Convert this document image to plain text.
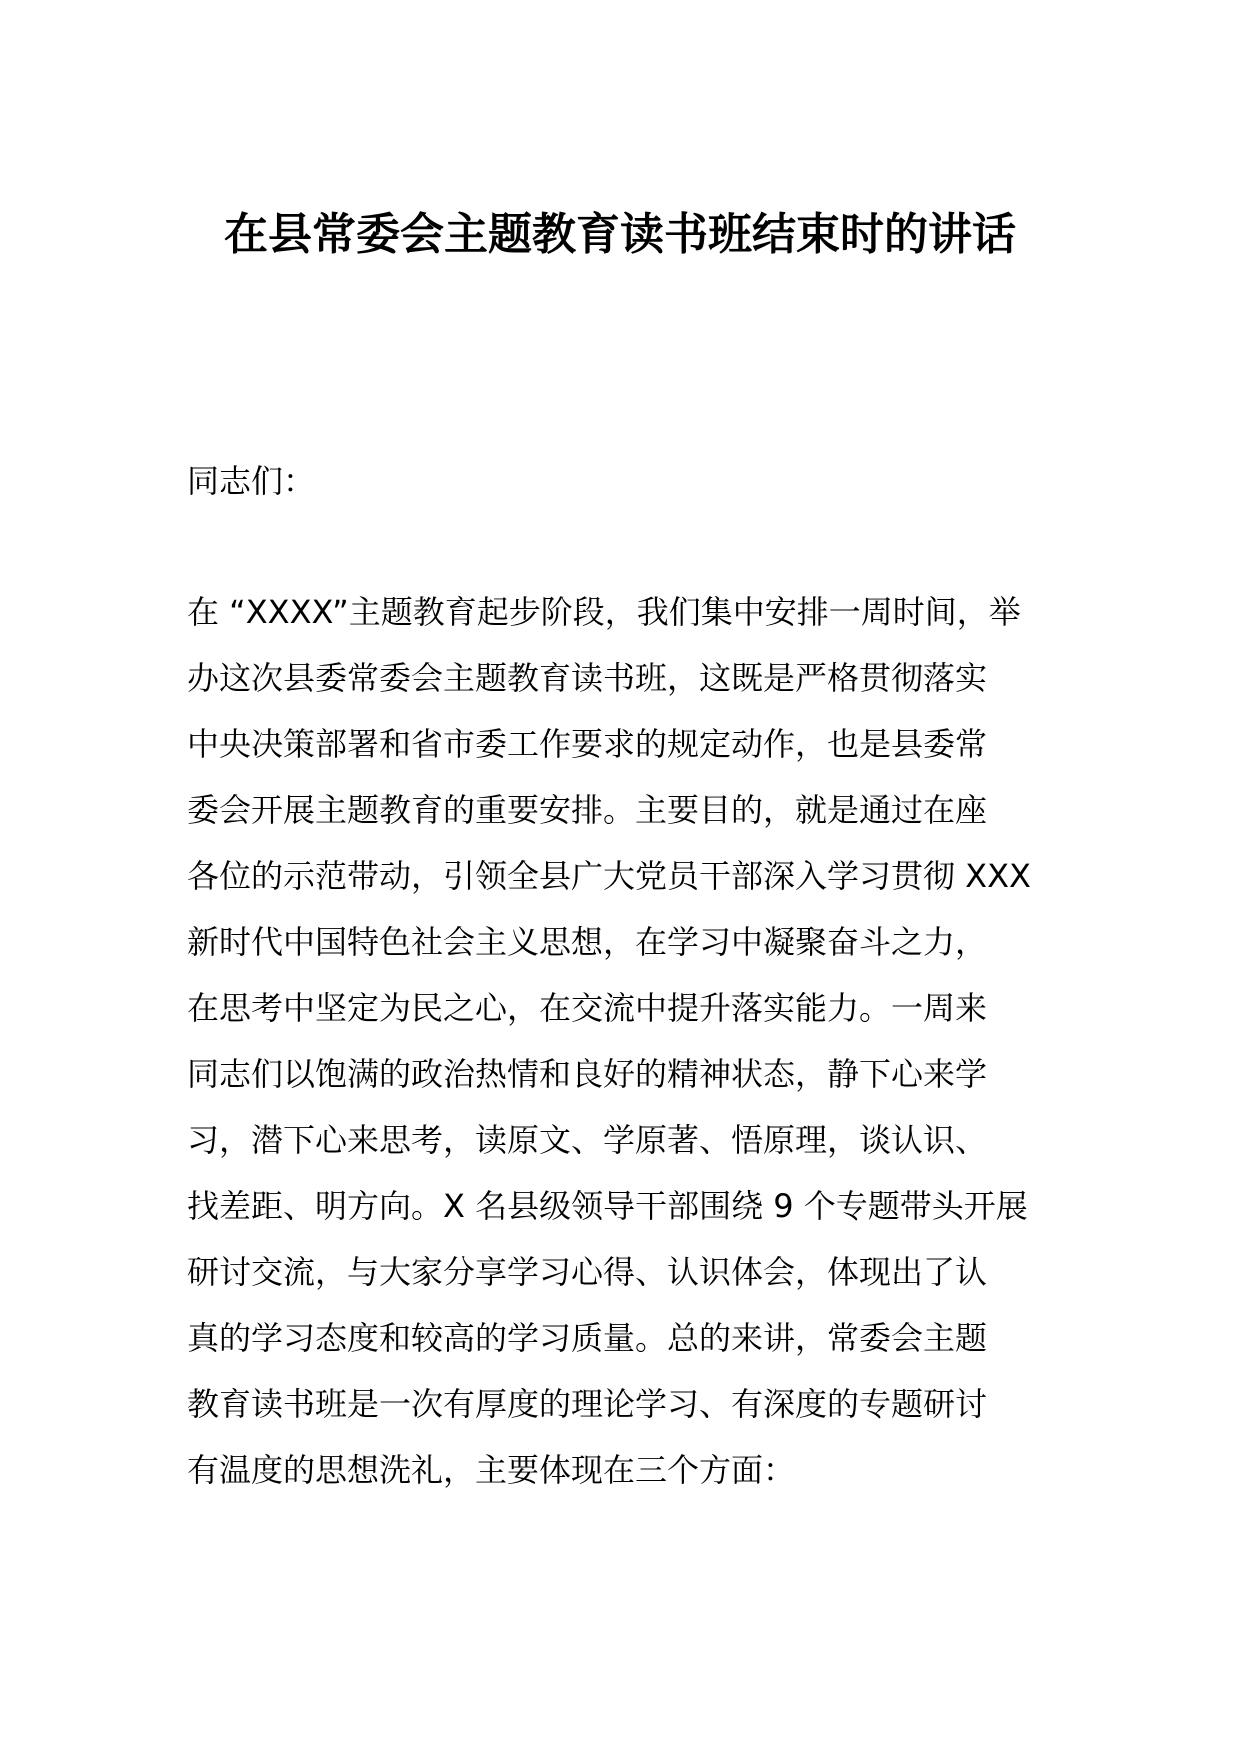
在县常委会主题教育读书班结束时的讲话

同志们：

在 “XXXX”主题教育起步阶段，我们集中安排一周时间，举
办这次县委常委会主题教育读书班，这既是严格贯彻落实
中央决策部署和省市委工作要求的规定动作，也是县委常
委会开展主题教育的重要安排。主要目的，就是通过在座
各位的示范带动，引领全县广大党员干部深入学习贯彻 XXX
新时代中国特色社会主义思想，在学习中凝聚奋斗之力，
在思考中坚定为民之心，在交流中提升落实能力。一周来
同志们以饱满的政治热情和良好的精神状态，静下心来学
习，潜下心来思考，读原文、学原著、悟原理，谈认识、
找差距、明方向。X 名县级领导干部围绕 9 个专题带头开展
研讨交流，与大家分享学习心得、认识体会，体现出了认
真的学习态度和较高的学习质量。总的来讲，常委会主题
教育读书班是一次有厚度的理论学习、有深度的专题研讨
有温度的思想洗礼，主要体现在三个方面：
